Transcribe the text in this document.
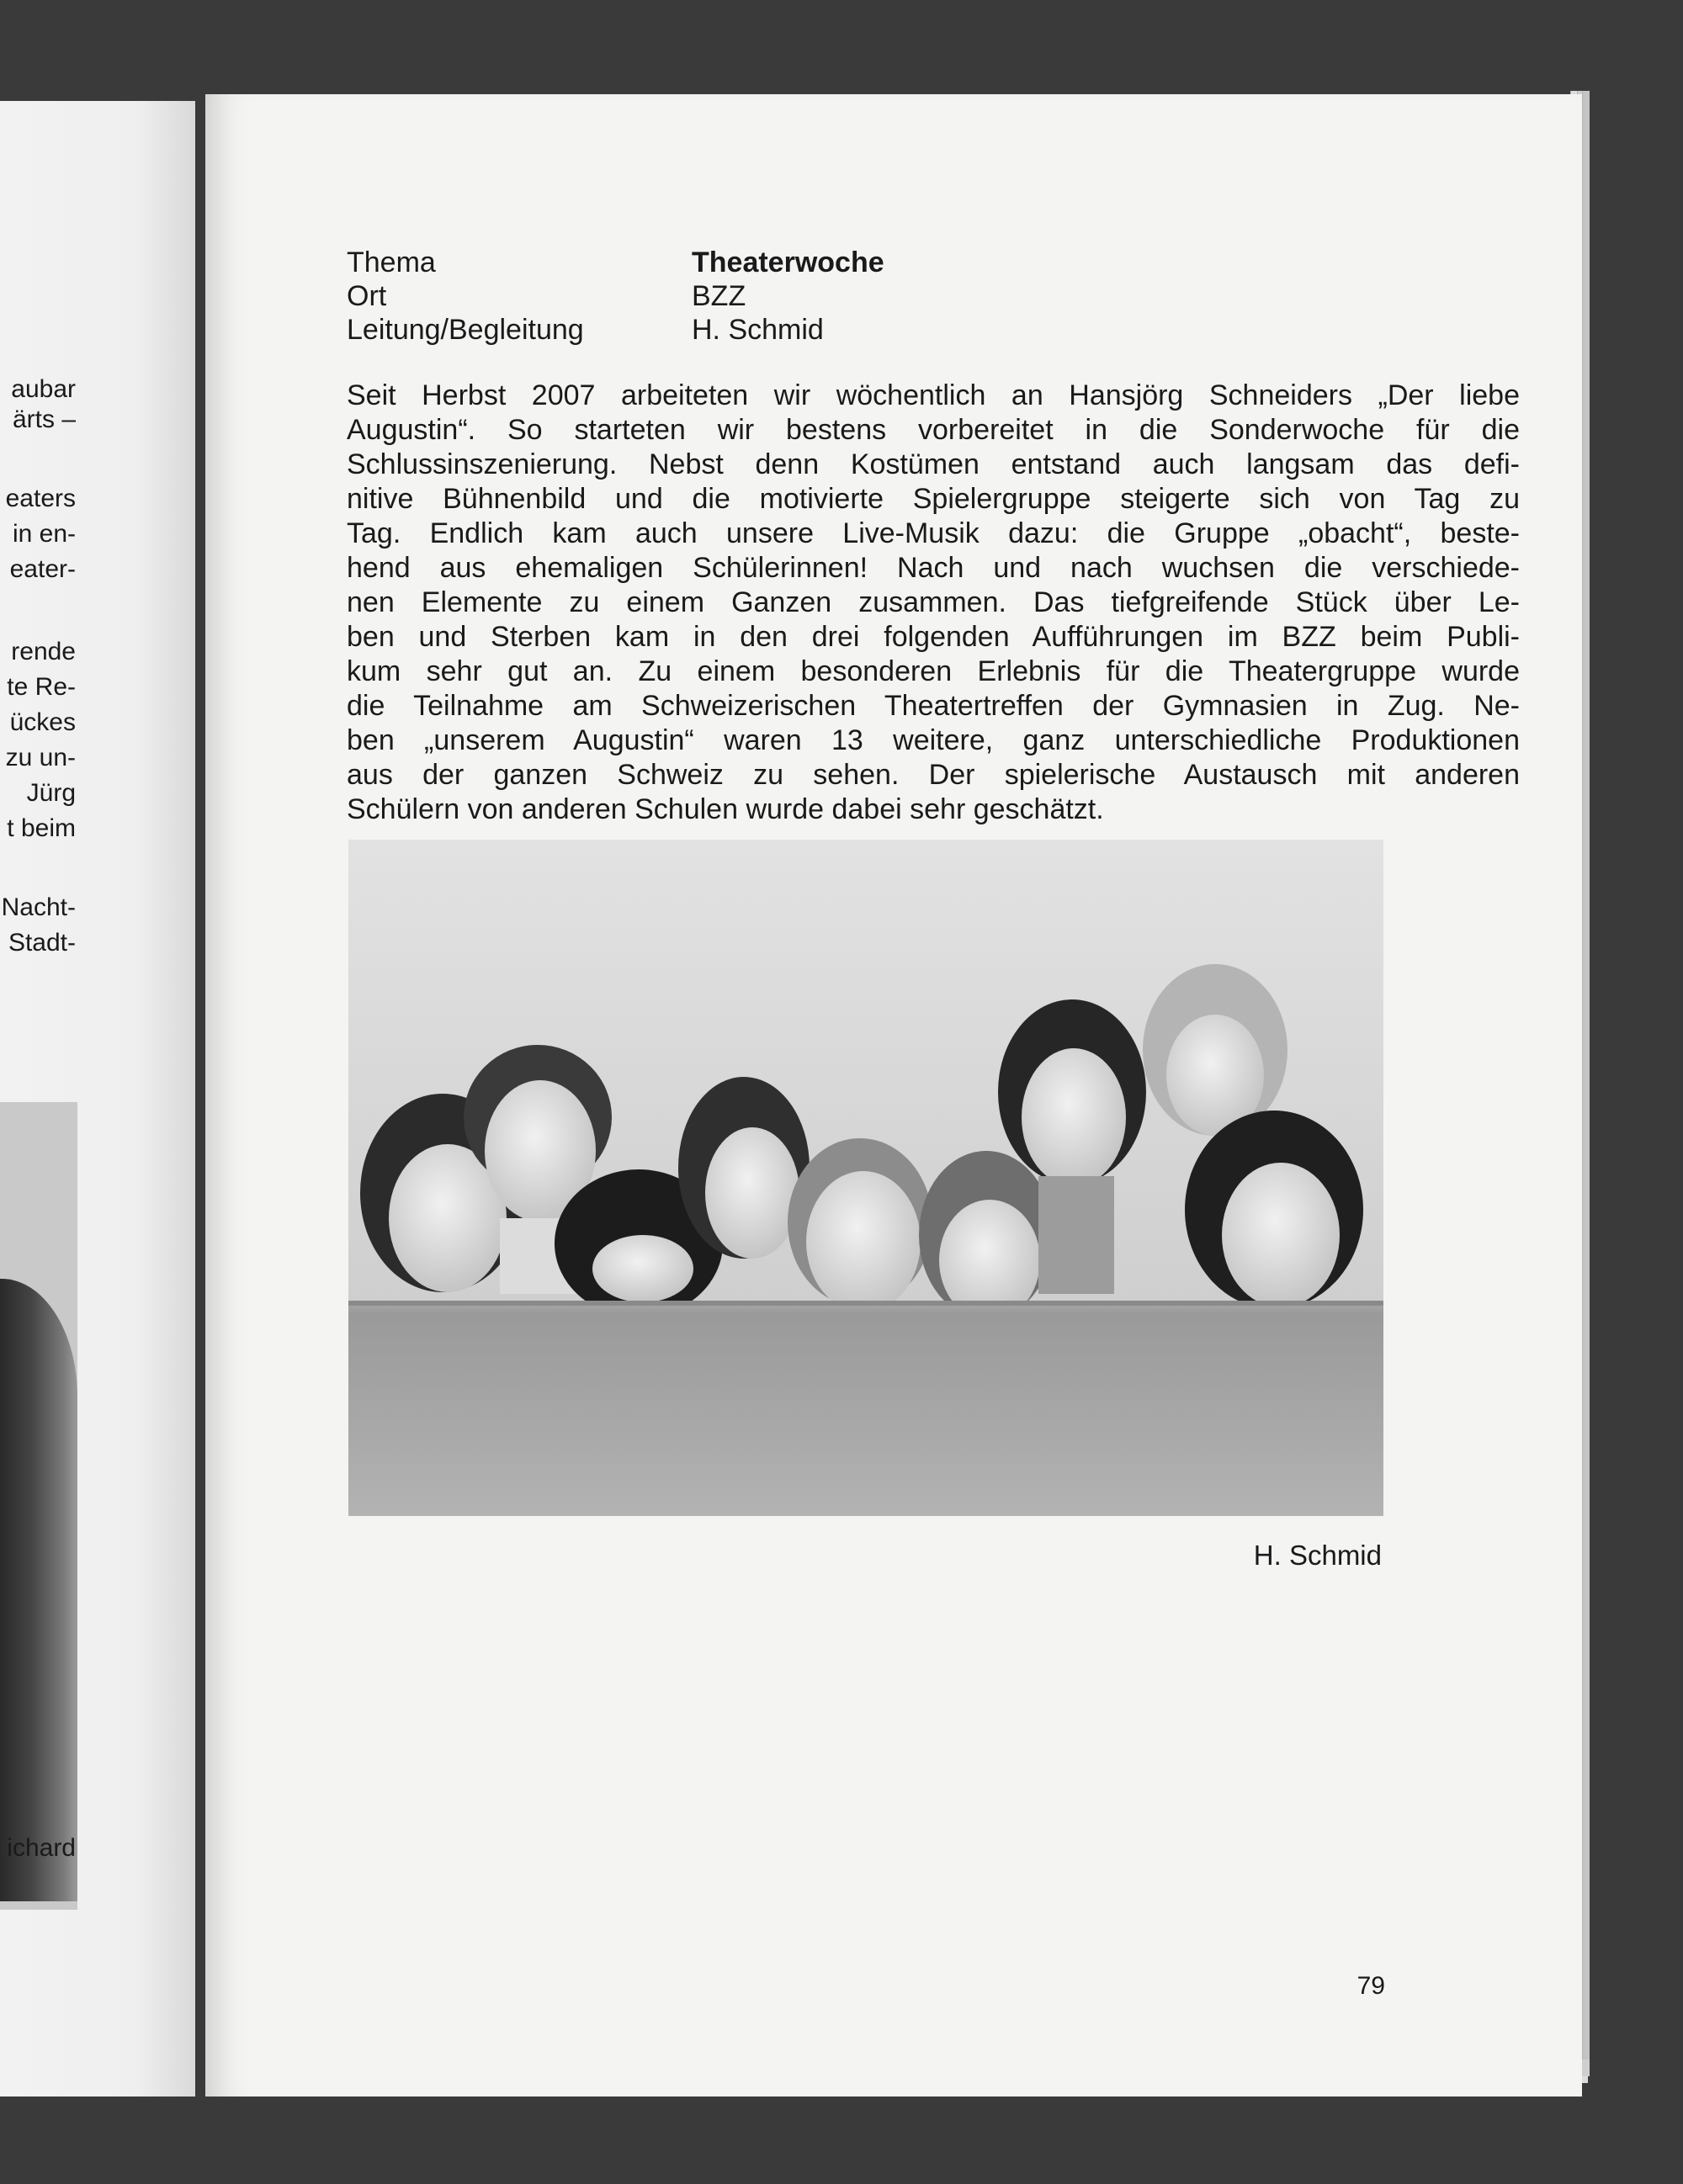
aubar
ärts –
eaters
in en-
eater-
rende
te Re-
ückes
zu un-
Jürg
t beim
Nacht-
Stadt-
ichard
Thema	Theaterwoche
Ort	BZZ
Leitung/Begleitung	H. Schmid
Seit Herbst 2007 arbeiteten wir wöchentlich an Hansjörg Schneiders „Der liebe
Augustin“. So starteten wir bestens vorbereitet in die Sonderwoche für die
Schlussinszenierung. Nebst denn Kostümen entstand auch langsam das defi-
nitive Bühnenbild und die motivierte Spielergruppe steigerte sich von Tag zu
Tag. Endlich kam auch unsere Live-Musik dazu: die Gruppe „obacht“, beste-
hend aus ehemaligen Schülerinnen! Nach und nach wuchsen die verschiede-
nen Elemente zu einem Ganzen zusammen. Das tiefgreifende Stück über Le-
ben und Sterben kam in den drei folgenden Aufführungen im BZZ beim Publi-
kum sehr gut an. Zu einem besonderen Erlebnis für die Theatergruppe wurde
die Teilnahme am Schweizerischen Theatertreffen der Gymnasien in Zug. Ne-
ben „unserem Augustin“ waren 13 weitere, ganz unterschiedliche Produktionen
aus der ganzen Schweiz zu sehen. Der spielerische Austausch mit anderen
Schülern von anderen Schulen wurde dabei sehr geschätzt.
H. Schmid
79
